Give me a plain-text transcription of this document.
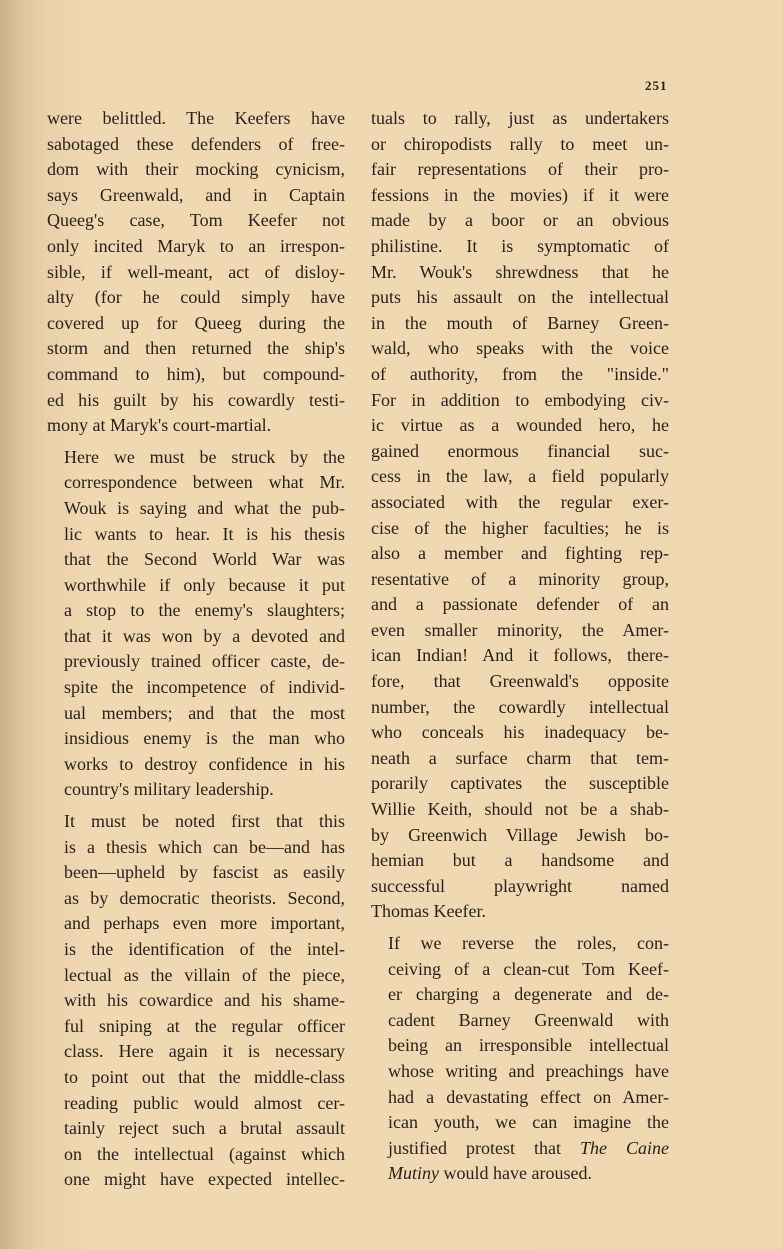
251
were belittled. The Keefers have
sabotaged these defenders of free-
dom with their mocking cynicism,
says Greenwald, and in Captain
Queeg's case, Tom Keefer not
only incited Maryk to an irrespon-
sible, if well-meant, act of disloy-
alty (for he could simply have
covered up for Queeg during the
storm and then returned the ship's
command to him), but compound-
ed his guilt by his cowardly testi-
mony at Maryk's court-martial.
Here we must be struck by the
correspondence between what Mr.
Wouk is saying and what the pub-
lic wants to hear. It is his thesis
that the Second World War was
worthwhile if only because it put
a stop to the enemy's slaughters;
that it was won by a devoted and
previously trained officer caste, de-
spite the incompetence of individ-
ual members; and that the most
insidious enemy is the man who
works to destroy confidence in his
country's military leadership.
It must be noted first that this
is a thesis which can be—and has
been—upheld by fascist as easily
as by democratic theorists. Second,
and perhaps even more important,
is the identification of the intel-
lectual as the villain of the piece,
with his cowardice and his shame-
ful sniping at the regular officer
class. Here again it is necessary
to point out that the middle-class
reading public would almost cer-
tainly reject such a brutal assault
on the intellectual (against which
one might have expected intellec-
tuals to rally, just as undertakers
or chiropodists rally to meet un-
fair representations of their pro-
fessions in the movies) if it were
made by a boor or an obvious
philistine. It is symptomatic of
Mr. Wouk's shrewdness that he
puts his assault on the intellectual
in the mouth of Barney Green-
wald, who speaks with the voice
of authority, from the "inside."
For in addition to embodying civ-
ic virtue as a wounded hero, he
gained enormous financial suc-
cess in the law, a field popularly
associated with the regular exer-
cise of the higher faculties; he is
also a member and fighting rep-
resentative of a minority group,
and a passionate defender of an
even smaller minority, the Amer-
ican Indian! And it follows, there-
fore, that Greenwald's opposite
number, the cowardly intellectual
who conceals his inadequacy be-
neath a surface charm that tem-
porarily captivates the susceptible
Willie Keith, should not be a shab-
by Greenwich Village Jewish bo-
hemian but a handsome and
successful playwright named
Thomas Keefer.
If we reverse the roles, con-
ceiving of a clean-cut Tom Keef-
er charging a degenerate and de-
cadent Barney Greenwald with
being an irresponsible intellectual
whose writing and preachings have
had a devastating effect on Amer-
ican youth, we can imagine the
justified protest that The Caine
Mutiny would have aroused.
